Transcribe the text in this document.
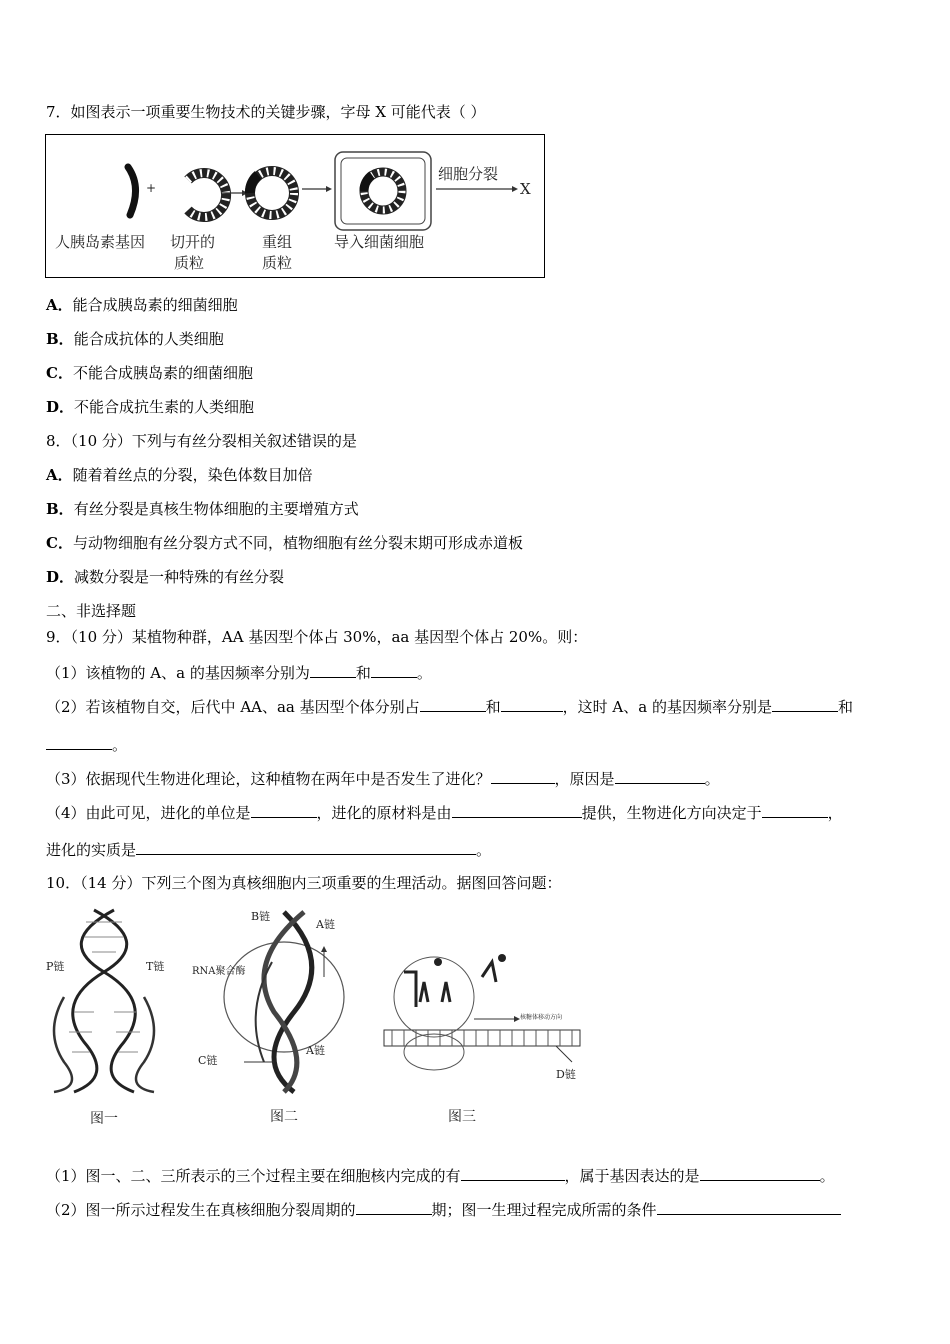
7．如图表示一项重要生物技术的关键步骤，字母 X 可能代表（ ）
人胰岛素基因
+
切开的
质粒
重组
质粒
导入细菌细胞
细胞分裂
X
A．能合成胰岛素的细菌细胞
B．能合成抗体的人类细胞
C．不能合成胰岛素的细菌细胞
D．不能合成抗生素的人类细胞
8．（10 分）下列与有丝分裂相关叙述错误的是
A．随着着丝点的分裂，染色体数目加倍
B．有丝分裂是真核生物体细胞的主要增殖方式
C．与动物细胞有丝分裂方式不同，植物细胞有丝分裂末期可形成赤道板
D．减数分裂是一种特殊的有丝分裂
二、非选择题
9．（10 分）某植物种群，AA 基因型个体占 30%，aa 基因型个体占 20%。则：
（1）该植物的 A、a 的基因频率分别为	和	。
（2）若该植物自交，后代中 AA、aa 基因型个体分别占	和	，这时 A、a 的基因频率分别是	和
。
（3）依据现代生物进化理论，这种植物在两年中是否发生了进化？	，原因是	。
（4）由此可见，进化的单位是	，进化的原材料是由	提供，生物进化方向决定于	，
进化的实质是	。
10．（14 分）下列三个图为真核细胞内三项重要的生理活动。据图回答问题：
P链	T链
B链
A链
RNA聚合酶
C链
A链
核糖体移动方向
D链
图一	图二	图三
（1）图一、二、三所表示的三个过程主要在细胞核内完成的有	，属于基因表达的是	。
（2）图一所示过程发生在真核细胞分裂周期的	期；图一生理过程完成所需的条件
